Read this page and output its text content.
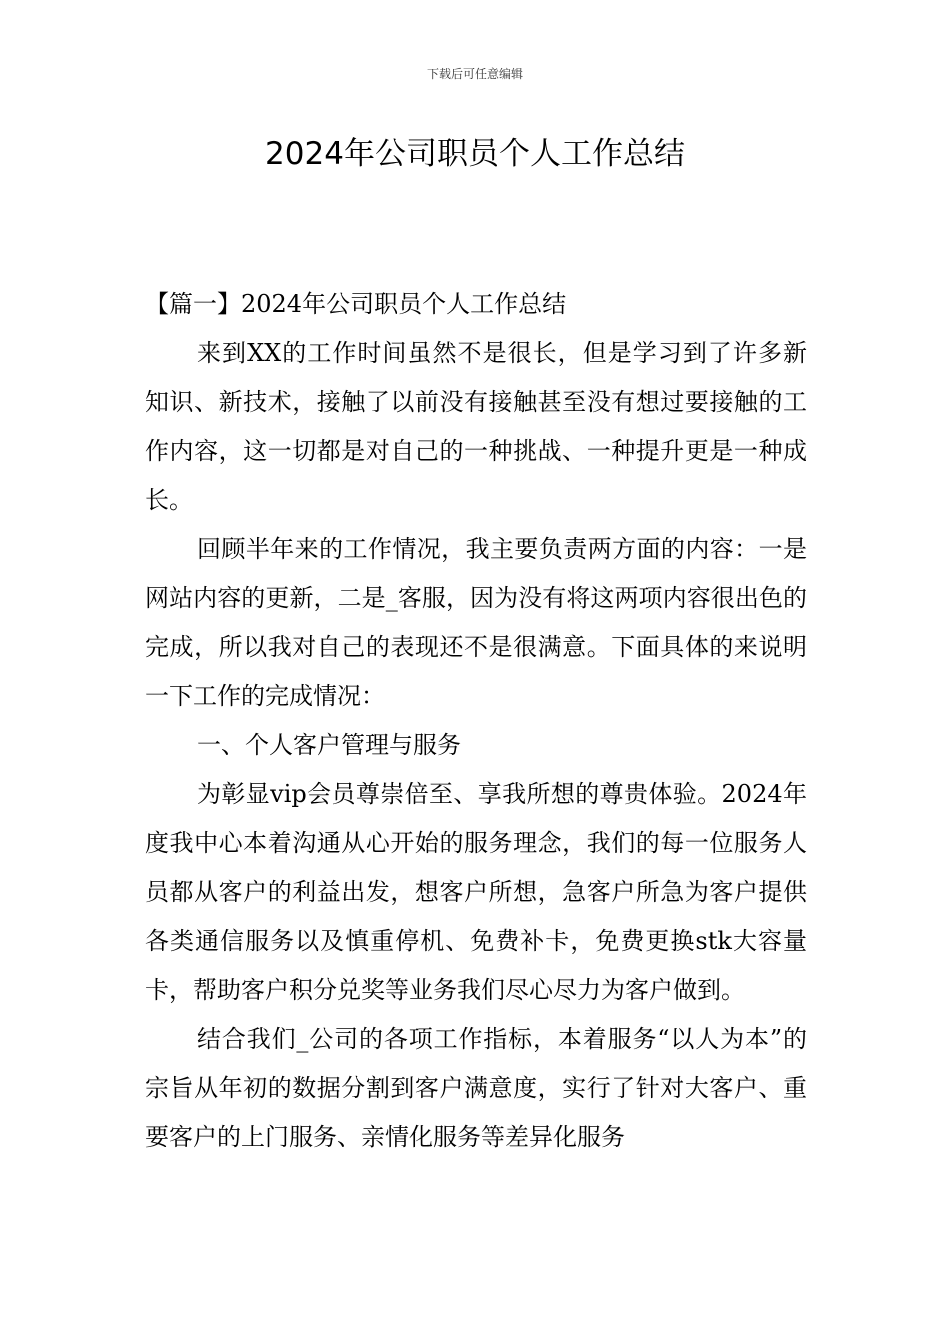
下载后可任意编辑
2024年公司职员个人工作总结

【篇一】2024年公司职员个人工作总结

来到XX的工作时间虽然不是很长，但是学习到了许多新知识、新技术，接触了以前没有接触甚至没有想过要接触的工作内容，这一切都是对自己的一种挑战、一种提升更是一种成长。

回顾半年来的工作情况，我主要负责两方面的内容：一是网站内容的更新，二是_客服，因为没有将这两项内容很出色的完成，所以我对自己的表现还不是很满意。下面具体的来说明一下工作的完成情况：

一、个人客户管理与服务

为彰显vip会员尊崇倍至、享我所想的尊贵体验。2024年度我中心本着沟通从心开始的服务理念，我们的每一位服务人员都从客户的利益出发，想客户所想，急客户所急为客户提供各类通信服务以及慎重停机、免费补卡，免费更换stk大容量卡，帮助客户积分兑奖等业务我们尽心尽力为客户做到。

结合我们_公司的各项工作指标，本着服务“以人为本”的宗旨从年初的数据分割到客户满意度，实行了针对大客户、重要客户的上门服务、亲情化服务等差异化服务
